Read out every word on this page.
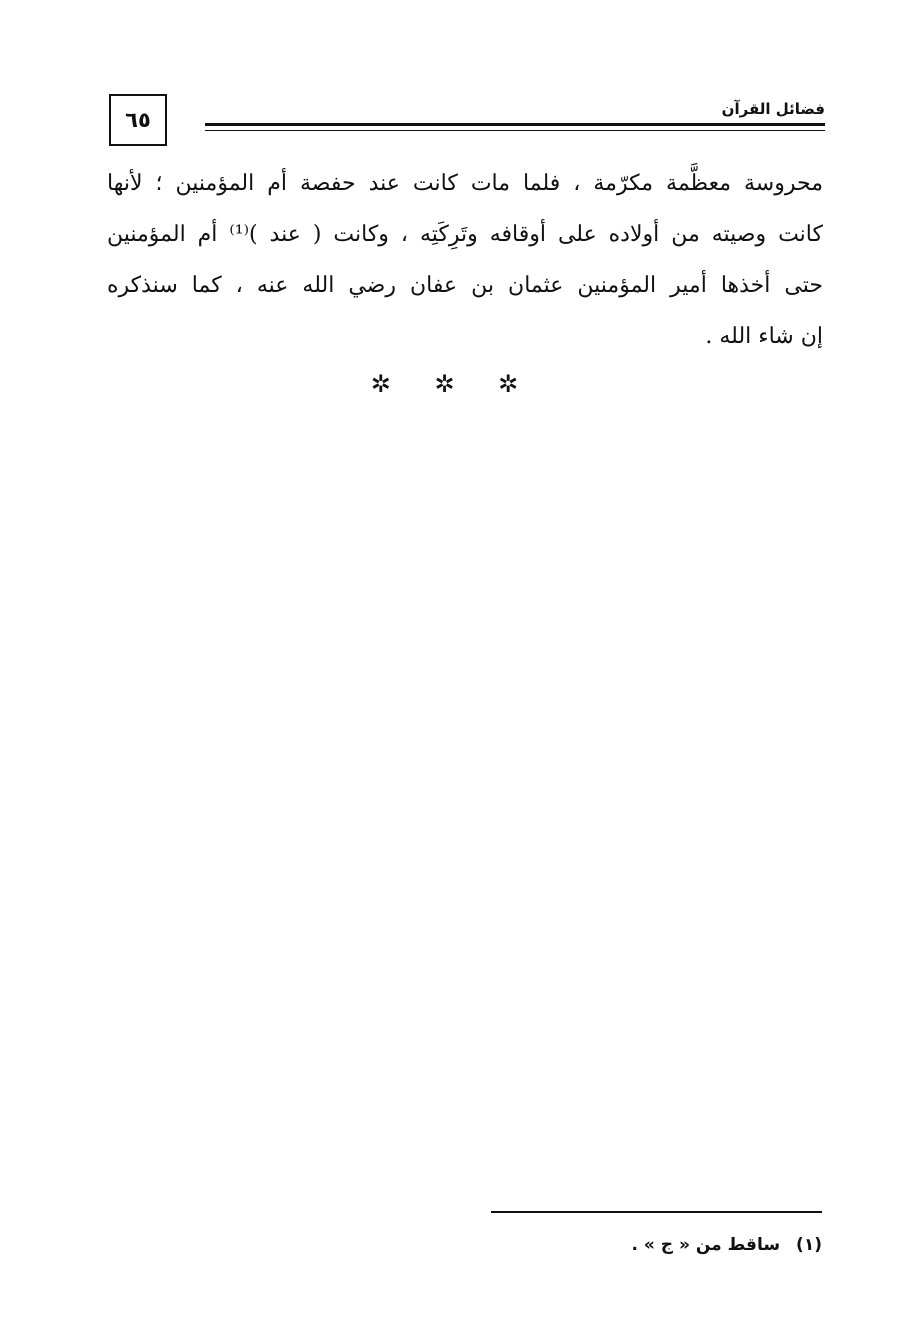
٦٥	فضائل القرآن
محروسة معظَّمة مكرّمة ، فلما مات كانت عند حفصة أم المؤمنين ؛ لأنها
كانت وصيته من أولاده على أوقافه وتَرِكَتِه ، وكانت ( عند )⁽¹⁾ أم المؤمنين
حتى أخذها أمير المؤمنين عثمان بن عفان رضي الله عنه ، كما سنذكره
إن شاء الله .
✲ ✲ ✲
(١)ساقط من « ج » .
